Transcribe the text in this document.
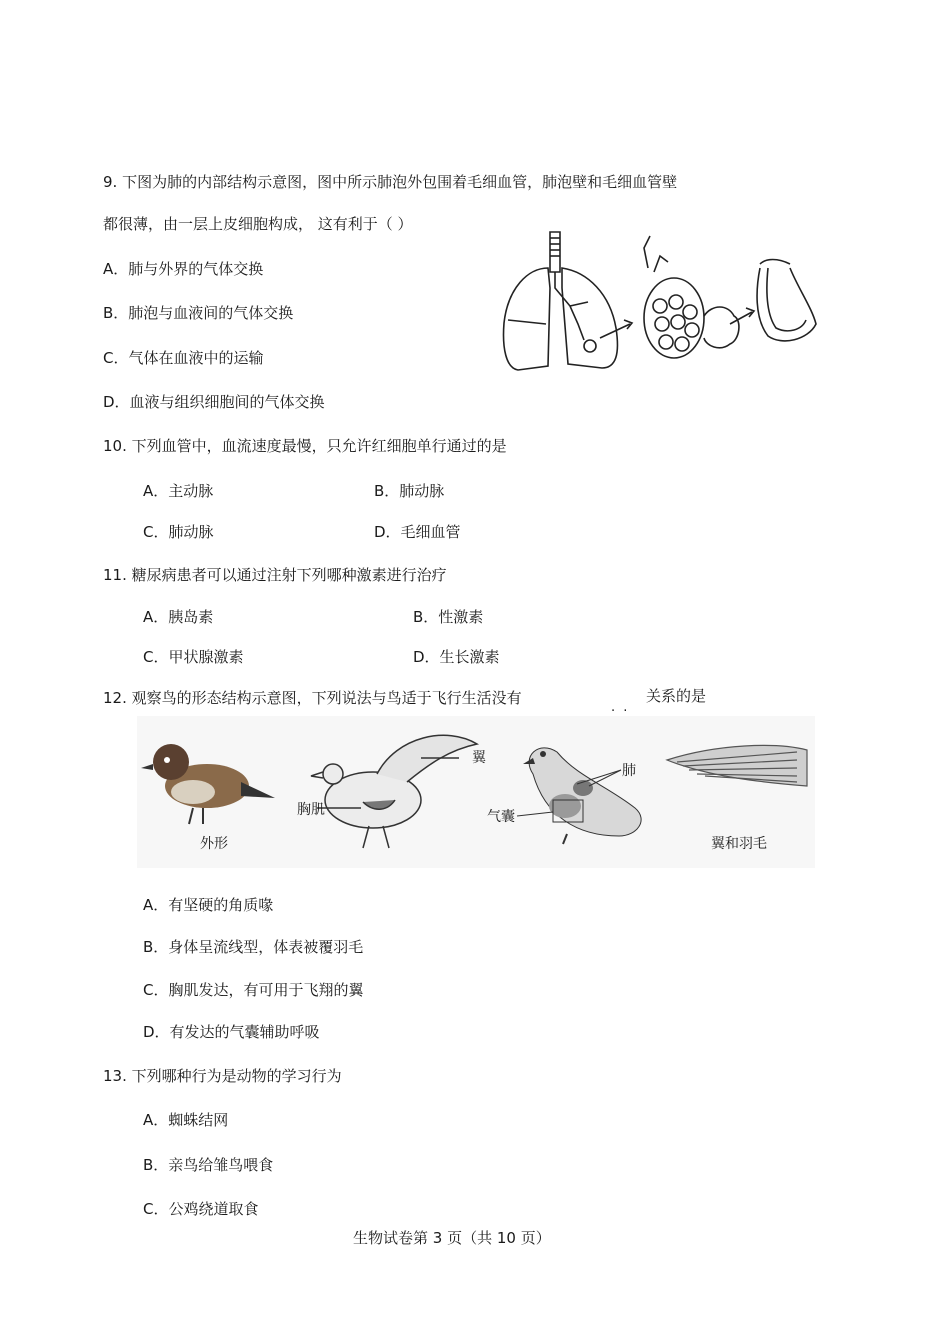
9. 下图为肺的内部结构示意图，图中所示肺泡外包围着毛细血管，肺泡壁和毛细血管壁
都很薄，由一层上皮细胞构成， 这有利于（ ）
A．肺与外界的气体交换
B．肺泡与血液间的气体交换
C．气体在血液中的运输
D．血液与组织细胞间的气体交换
10. 下列血管中，血流速度最慢，只允许红细胞单行通过的是
A．主动脉	B．肺动脉
C．肺动脉	D．毛细血管
11. 糖尿病患者可以通过注射下列哪种激素进行治疗
A．胰岛素	B．性激素
C．甲状腺激素	D．生长激素
12. 观察鸟的形态结构示意图，下列说法与鸟适于飞行生活没有
. .
关系的是
外形
胸肌
翼
肺
气囊
翼和羽毛
A．有坚硬的角质喙
B．身体呈流线型，体表被覆羽毛
C．胸肌发达，有可用于飞翔的翼
D．有发达的气囊辅助呼吸
13. 下列哪种行为是动物的学习行为
A．蜘蛛结网
B．亲鸟给雏鸟喂食
C．公鸡绕道取食
生物试卷第 3 页（共 10 页）
